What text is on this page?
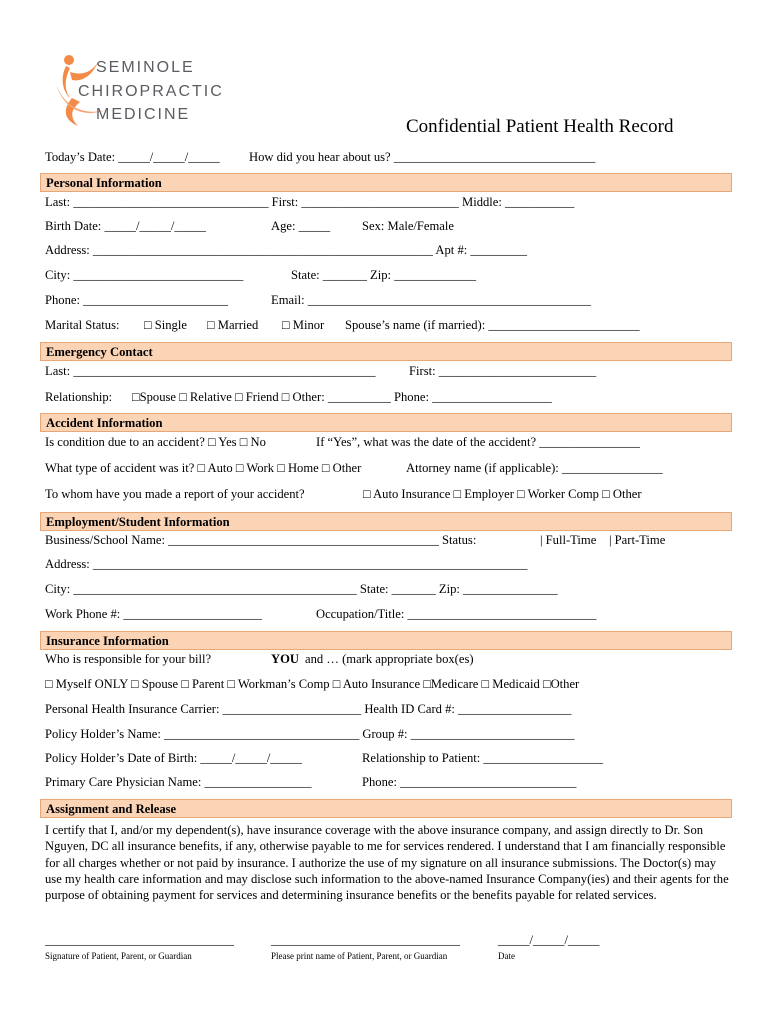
SEMINOLE
CHIROPRACTIC
MEDICINE
Confidential Patient Health Record
Today’s Date: _____/_____/_____ How did you hear about us? ________________________________
Personal Information
Last: _______________________________ First: _________________________ Middle: ___________
Birth Date: _____/_____/_____	Age: _____	Sex: Male/Female
Address: ______________________________________________________ Apt #: _________
City: ___________________________	State: _______ Zip: _____________
Phone: _______________________	Email: _____________________________________________
Marital Status: □ Single □ Married □ Minor Spouse’s name (if married): ________________________
Emergency Contact
Last: ________________________________________________	First: _________________________
Relationship: □Spouse □ Relative □ Friend □ Other: __________ Phone: ___________________
Accident Information
Is condition due to an accident? □ Yes □ No	If “Yes”, what was the date of the accident? ________________
What type of accident was it? □ Auto □ Work □ Home □ Other	Attorney name (if applicable): ________________
To whom have you made a report of your accident?	□ Auto Insurance □ Employer □ Worker Comp □ Other
Employment/Student Information
Business/School Name: ___________________________________________ Status:	| Full-Time | Part-Time
Address: _____________________________________________________________________
City: _____________________________________________ State: _______ Zip: _______________
Work Phone #: ______________________	Occupation/Title: ______________________________
Insurance Information
Who is responsible for your bill?	YOU and … (mark appropriate box(es)
□ Myself ONLY □ Spouse □ Parent □ Workman’s Comp □ Auto Insurance □Medicare □ Medicaid □Other
Personal Health Insurance Carrier: ______________________ Health ID Card #: __________________
Policy Holder’s Name: _______________________________ Group #: __________________________
Policy Holder’s Date of Birth: _____/_____/_____	Relationship to Patient: ___________________
Primary Care Physician Name: _________________	Phone: ____________________________
Assignment and Release
I certify that I, and/or my dependent(s), have insurance coverage with the above insurance company, and assign directly to Dr. Son Nguyen, DC all insurance benefits, if any, otherwise payable to me for services rendered. I understand that I am financially responsible for all charges whether or not paid by insurance. I authorize the use of my signature on all insurance submissions. The Doctor(s) may use my health care information and may disclose such information to the above-named Insurance Company(ies) and their agents for the purpose of obtaining payment for services and determining insurance benefits or the benefits payable for related services.
______________________________	______________________________	_____/_____/_____
Signature of Patient, Parent, or Guardian	Please print name of Patient, Parent, or Guardian	Date
